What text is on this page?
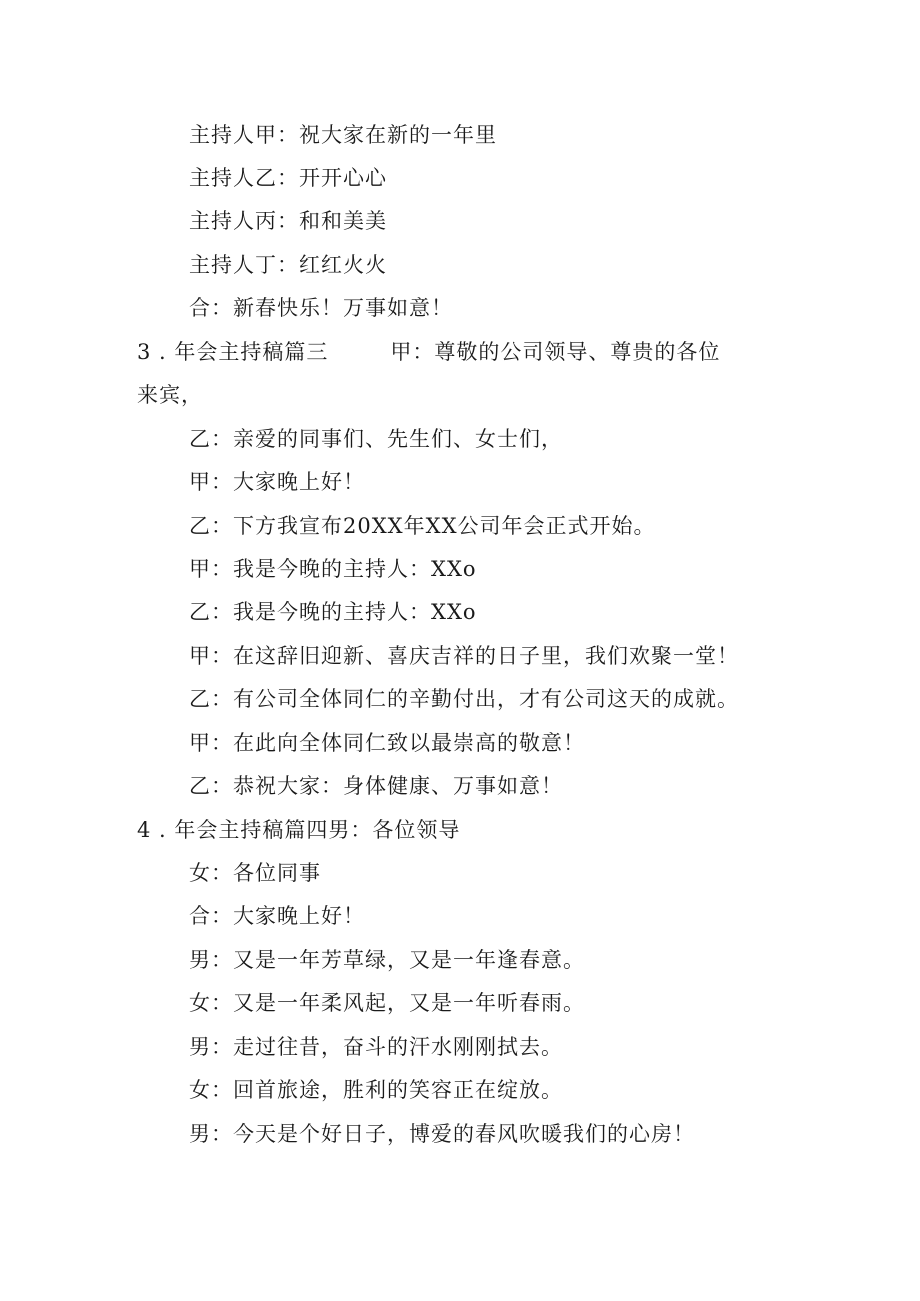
主持人甲：祝大家在新的一年里
主持人乙：开开心心
主持人丙：和和美美
主持人丁：红红火火
合：新春快乐！万事如意！
3 . 年会主持稿篇三	甲：尊敬的公司领导、尊贵的各位
来宾，
乙：亲爱的同事们、先生们、女士们，
甲：大家晚上好！
乙：下方我宣布20XX年XX公司年会正式开始。
甲：我是今晚的主持人：XXo
乙：我是今晚的主持人：XXo
甲：在这辞旧迎新、喜庆吉祥的日子里，我们欢聚一堂！
乙：有公司全体同仁的辛勤付出，才有公司这天的成就。
甲：在此向全体同仁致以最崇高的敬意！
乙：恭祝大家：身体健康、万事如意！
4 . 年会主持稿篇四男：各位领导
女：各位同事
合：大家晚上好！
男：又是一年芳草绿，又是一年逢春意。
女：又是一年柔风起，又是一年听春雨。
男：走过往昔，奋斗的汗水刚刚拭去。
女：回首旅途，胜利的笑容正在绽放。
男：今天是个好日子，博爱的春风吹暖我们的心房！
